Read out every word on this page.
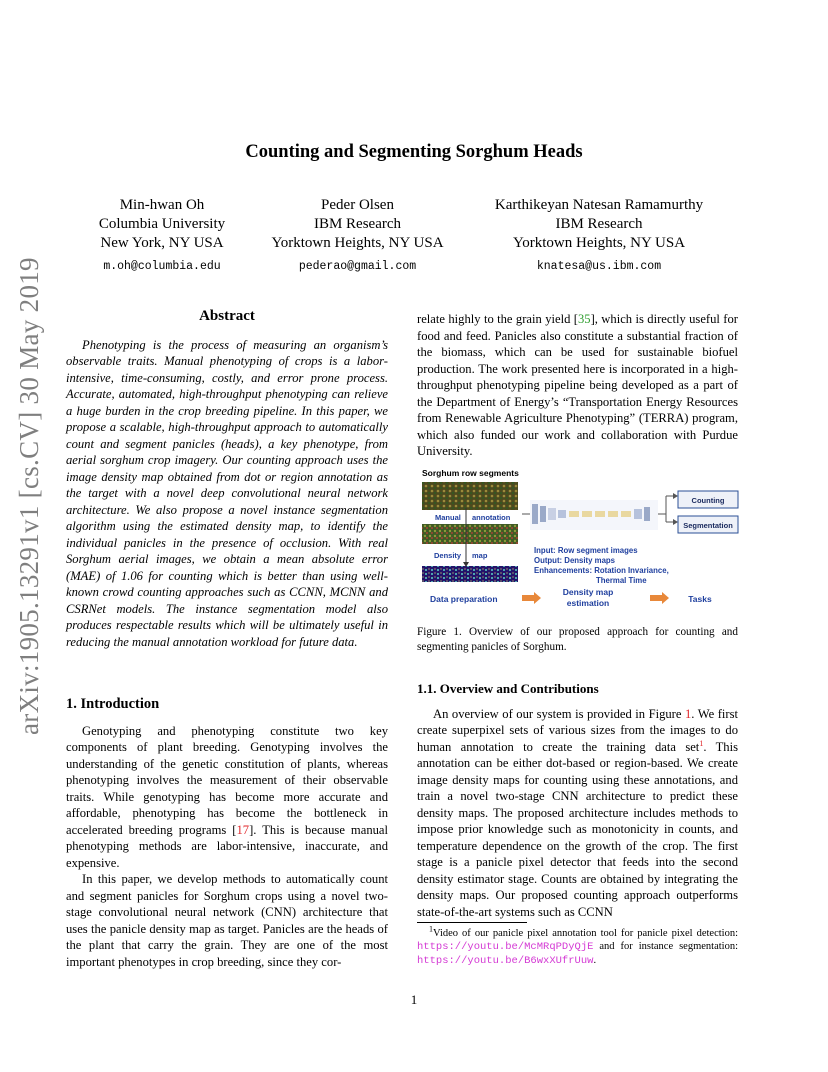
arXiv:1905.13291v1 [cs.CV] 30 May 2019
Counting and Segmenting Sorghum Heads
Min-hwan Oh
Columbia University
New York, NY USA
m.oh@columbia.edu
Peder Olsen
IBM Research
Yorktown Heights, NY USA
pederao@gmail.com
Karthikeyan Natesan Ramamurthy
IBM Research
Yorktown Heights, NY USA
knatesa@us.ibm.com
Abstract

Phenotyping is the process of measuring an organism’s observable traits. Manual phenotyping of crops is a labor-intensive, time-consuming, costly, and error prone process. Accurate, automated, high-throughput phenotyping can relieve a huge burden in the crop breeding pipeline. In this paper, we propose a scalable, high-throughput approach to automatically count and segment panicles (heads), a key phenotype, from aerial sorghum crop imagery. Our counting approach uses the image density map obtained from dot or region annotation as the target with a novel deep convolutional neural network architecture. We also propose a novel instance segmentation algorithm using the estimated density map, to identify the individual panicles in the presence of occlusion. With real Sorghum aerial images, we obtain a mean absolute error (MAE) of 1.06 for counting which is better than using well-known crowd counting approaches such as CCNN, MCNN and CSRNet models. The instance segmentation model also produces respectable results which will be ultimately useful in reducing the manual annotation workload for future data.

1. Introduction

Genotyping and phenotyping constitute two key components of plant breeding. Genotyping involves the understanding of the genetic constitution of plants, whereas phenotyping involves the measurement of their observable traits. While genotyping has become more accurate and affordable, phenotyping has become the bottleneck in accelerated breeding programs [17]. This is because manual phenotyping methods are labor-intensive, inaccurate, and expensive.

In this paper, we develop methods to automatically count and segment panicles for Sorghum crops using a novel two-stage convolutional neural network (CNN) architecture that uses the panicle density map as target. Panicles are the heads of the plant that carry the grain. They are one of the most important phenotypes in crop breeding, since they cor-

relate highly to the grain yield [35], which is directly useful for food and feed. Panicles also constitute a substantial fraction of the biomass, which can be used for sustainable biofuel production. The work presented here is incorporated in a high-throughput phenotyping pipeline being developed as a part of the Department of Energy’s “Transportation Energy Resources from Renewable Agriculture Phenotyping” (TERRA) program, which also funded our work and collaboration with Purdue University.

Sorghum row segments
Manual annotation
Density map
Counting
Segmentation
Input: Row segment images
Output: Density maps
Enhancements: Rotation Invariance,
Thermal Time
Data preparation
Density map
estimation	Tasks
Figure 1. Overview of our proposed approach for counting and segmenting panicles of Sorghum.
1.1. Overview and Contributions

An overview of our system is provided in Figure 1. We first create superpixel sets of various sizes from the images to do human annotation to create the training data set$^1$. This annotation can be either dot-based or region-based. We create image density maps for counting using these annotations, and train a novel two-stage CNN architecture to predict these density maps. The proposed architecture includes methods to impose prior knowledge such as monotonicity in counts, and temperature dependence on the growth of the crop. The first stage is a panicle pixel detector that feeds into the second density estimator stage. Counts are obtained by integrating the density maps. Our proposed counting approach outperforms state-of-the-art systems such as CCNN

$^1$Video of our panicle pixel annotation tool for panicle pixel detection: https://youtu.be/McMRqPDyQjE and for instance segmentation: https://youtu.be/B6wxXUfrUuw.
1
